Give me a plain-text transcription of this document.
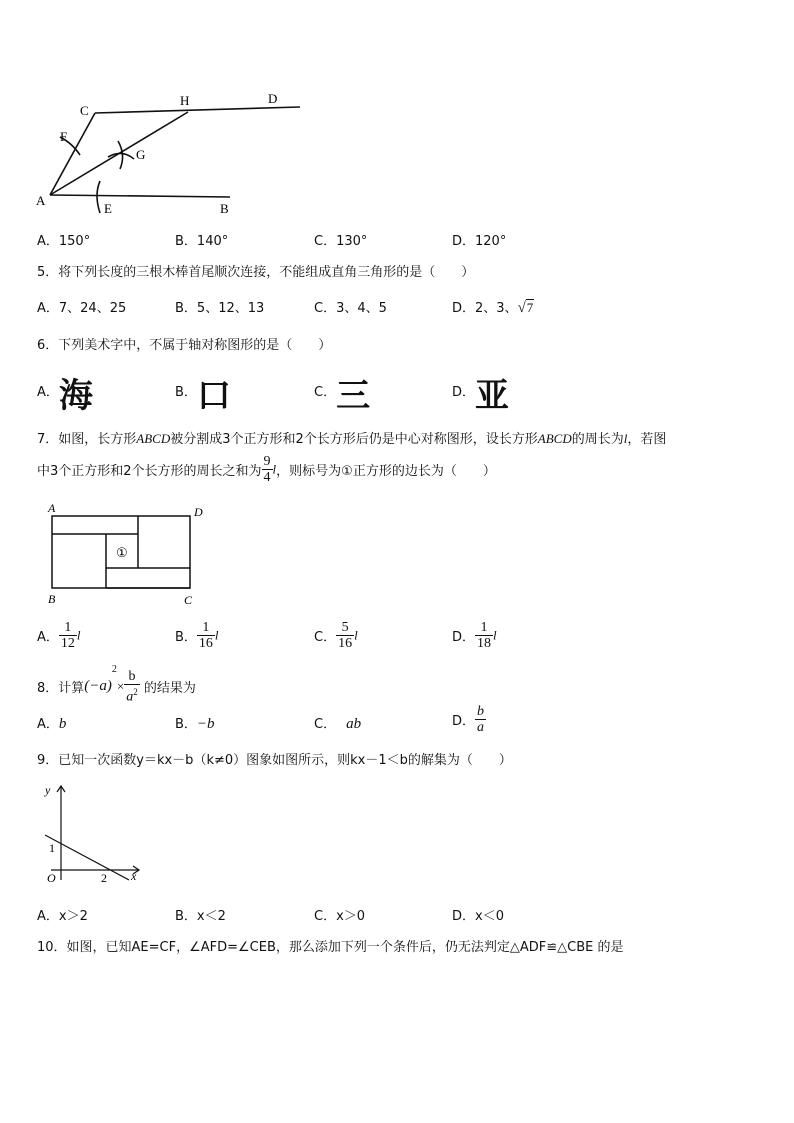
C
H	D
F
G
A
E	B
A．150°	B．140°	C．130°	D．120°
5．将下列长度的三根木棒首尾顺次连接，不能组成直角三角形的是（　　）
A．7、24、25	B．5、12、13	C．3、4、5	D．2、3、√7
6．下列美术字中，不属于轴对称图形的是（　　）
A．海	B．口	C．三	D．亚
7．如图，长方形ABCD被分割成3个正方形和2个长方形后仍是中心对称图形，设长方形ABCD的周长为l，若图
中3个正方形和2个长方形的周长之和为 $\frac{9}{4}$ l，则标号为①正方形的边长为（　　）
A	D
B	C
①
A． $\frac{1}{12}$ l	B． $\frac{1}{16}$ l	C． $\frac{5}{16}$ l	D． $\frac{1}{18}$ l
8．计算$(-a)^2\times \frac{b}{a^2}$ 的结果为
A．b	B．−b	C． ab	D． $\frac{b}{a}$
9．已知一次函数y＝kx－b（k≠0）图象如图所示，则kx－1＜b的解集为（　　）
y
x
1
O	2
A．x＞2	B．x＜2	C．x＞0	D．x＜0
10．如图，已知AE=CF，∠AFD=∠CEB，那么添加下列一个条件后，仍无法判定△ADF≌△CBE 的是
